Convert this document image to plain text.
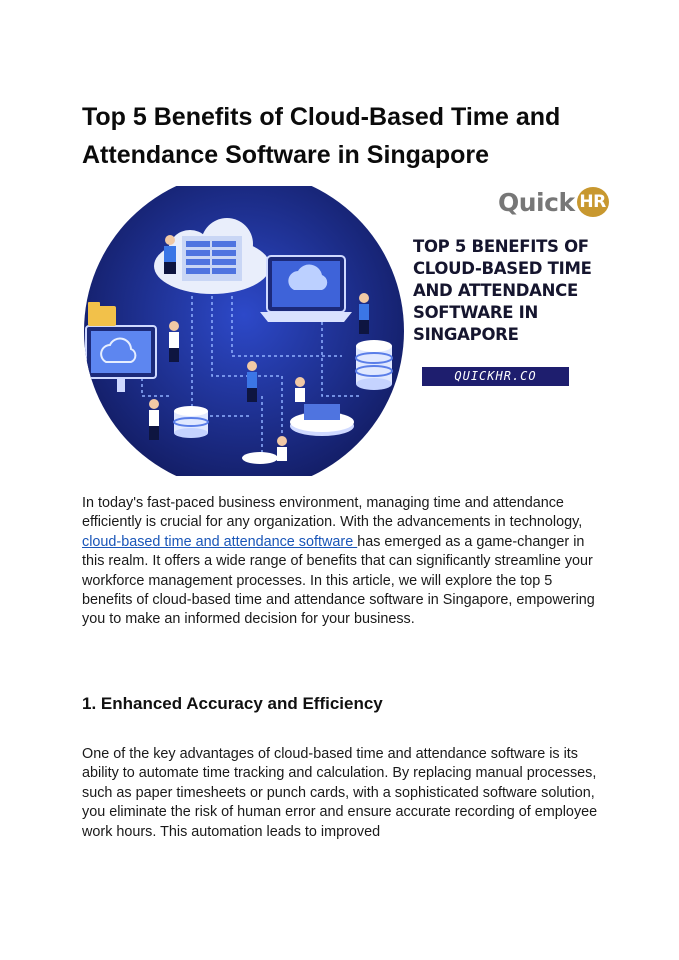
Top 5 Benefits of Cloud-Based Time and Attendance Software in Singapore
Quick HR

TOP 5 BENEFITS OF CLOUD-BASED TIME AND ATTENDANCE SOFTWARE IN SINGAPORE

QUICKHR.CO

In today's fast-paced business environment, managing time and attendance efficiently is crucial for any organization. With the advancements in technology, cloud-based time and attendance software has emerged as a game-changer in this realm. It offers a wide range of benefits that can significantly streamline your workforce management processes. In this article, we will explore the top 5 benefits of cloud-based time and attendance software in Singapore, empowering you to make an informed decision for your business.

1. Enhanced Accuracy and Efficiency

One of the key advantages of cloud-based time and attendance software is its ability to automate time tracking and calculation. By replacing manual processes, such as paper timesheets or punch cards, with a sophisticated software solution, you eliminate the risk of human error and ensure accurate recording of employee work hours. This automation leads to improved
